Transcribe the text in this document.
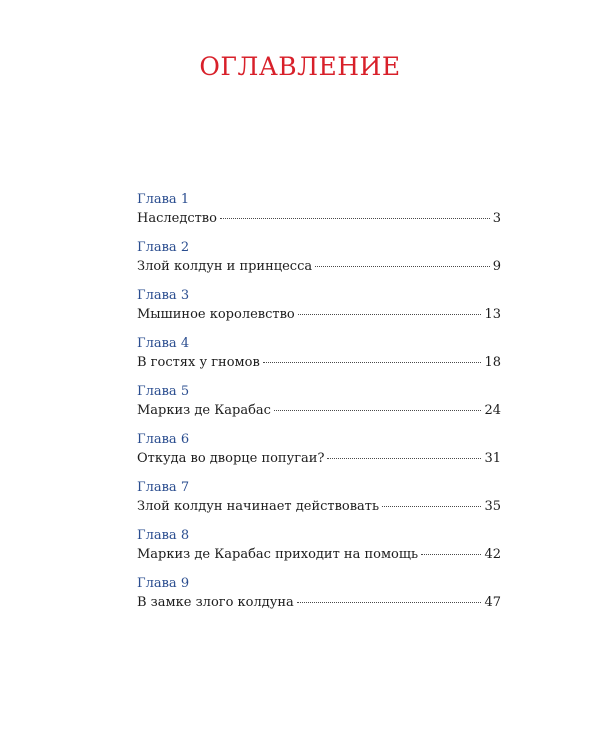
ОГЛАВЛЕНИЕ
Глава 1
Наследство	3
Глава 2
Злой колдун и принцесса	9
Глава 3
Мышиное королевство	13
Глава 4
В гостях у гномов	18
Глава 5
Маркиз де Карабас	24
Глава 6
Откуда во дворце попугаи?	31
Глава 7
Злой колдун начинает действовать	35
Глава 8
Маркиз де Карабас приходит на помощь	42
Глава 9
В замке злого колдуна	47
